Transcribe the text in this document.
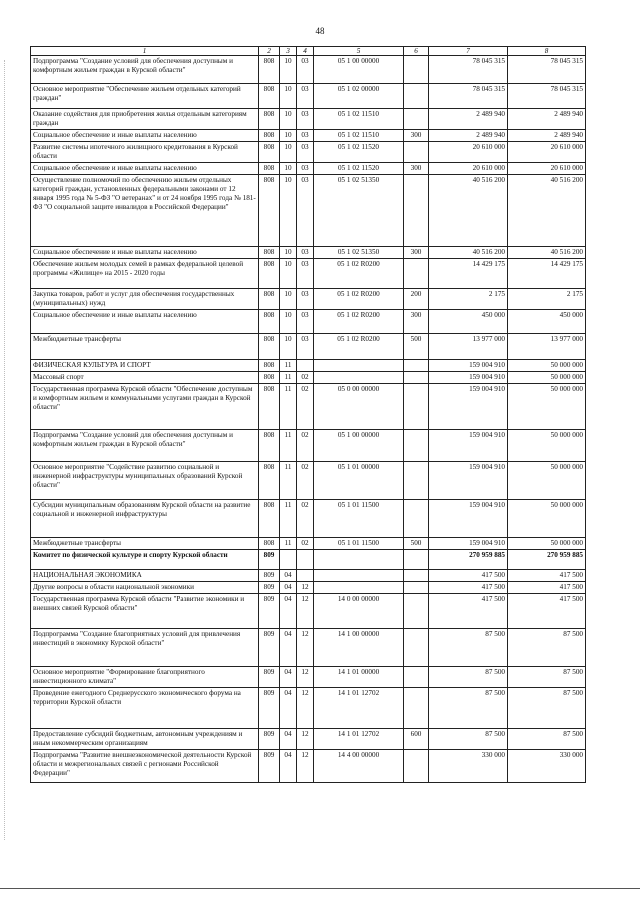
48
1	2	3	4	5	6	7	8
Подпрограмма "Создание условий для обеспечения доступным и комфортным жильем граждан в Курской области"	808	10	03	05 1 00 00000		78 045 315	78 045 315
Основное мероприятие "Обеспечение жильем отдельных категорий граждан"	808	10	03	05 1 02 00000		78 045 315	78 045 315
Оказание содействия для приобретения жилья отдельным категориям граждан	808	10	03	05 1 02 11510		2 489 940	2 489 940
Социальное обеспечение и иные выплаты населению	808	10	03	05 1 02 11510	300	2 489 940	2 489 940
Развитие системы ипотечного жилищного кредитования в Курской области	808	10	03	05 1 02 11520		20 610 000	20 610 000
Социальное обеспечение и иные выплаты населению	808	10	03	05 1 02 11520	300	20 610 000	20 610 000
Осуществление полномочий по обеспечению жильем отдельных категорий граждан, установленных федеральными законами от 12 января 1995 года № 5-ФЗ "О ветеранах" и от 24 ноября 1995 года № 181-ФЗ "О социальной защите инвалидов в Российской Федерации"	808	10	03	05 1 02 51350		40 516 200	40 516 200
Социальное обеспечение и иные выплаты населению	808	10	03	05 1 02 51350	300	40 516 200	40 516 200
Обеспечение жильем молодых семей в рамках федеральной целевой программы «Жилище» на 2015 - 2020 годы	808	10	03	05 1 02 R0200		14 429 175	14 429 175
Закупка товаров, работ и услуг для обеспечения государственных (муниципальных) нужд	808	10	03	05 1 02 R0200	200	2 175	2 175
Социальное обеспечение и иные выплаты населению	808	10	03	05 1 02 R0200	300	450 000	450 000
Межбюджетные трансферты	808	10	03	05 1 02 R0200	500	13 977 000	13 977 000
ФИЗИЧЕСКАЯ КУЛЬТУРА И СПОРТ	808	11				159 004 910	50 000 000
Массовый спорт	808	11	02			159 004 910	50 000 000
Государственная программа Курской области "Обеспечение доступным и комфортным жильем и коммунальными услугами граждан в Курской области"	808	11	02	05 0 00 00000		159 004 910	50 000 000
Подпрограмма "Создание условий для обеспечения доступным и комфортным жильем граждан в Курской области"	808	11	02	05 1 00 00000		159 004 910	50 000 000
Основное мероприятие "Содействие развитию социальной и инженерной инфраструктуры муниципальных образований Курской области"	808	11	02	05 1 01 00000		159 004 910	50 000 000
Субсидии муниципальным образованиям Курской области на развитие социальной и инженерной инфраструктуры	808	11	02	05 1 01 11500		159 004 910	50 000 000
Межбюджетные трансферты	808	11	02	05 1 01 11500	500	159 004 910	50 000 000
Комитет по физической культуре и спорту Курской области	809					270 959 885	270 959 885
НАЦИОНАЛЬНАЯ ЭКОНОМИКА	809	04				417 500	417 500
Другие вопросы в области национальной экономики	809	04	12			417 500	417 500
Государственная программа Курской области "Развитие экономики и внешних связей Курской области"	809	04	12	14 0 00 00000		417 500	417 500
Подпрограмма "Создание благоприятных условий для привлечения инвестиций в экономику Курской области"	809	04	12	14 1 00 00000		87 500	87 500
Основное мероприятие "Формирование благоприятного инвестиционного климата"	809	04	12	14 1 01 00000		87 500	87 500
Проведение ежегодного Среднерусского экономического форума на территории Курской области	809	04	12	14 1 01 12702		87 500	87 500
Предоставление субсидий бюджетным, автономным учреждениям и иным некоммерческим организациям	809	04	12	14 1 01 12702	600	87 500	87 500
Подпрограмма "Развитие внешнеэкономической деятельности Курской области и межрегиональных связей с регионами Российской Федерации"	809	04	12	14 4 00 00000		330 000	330 000
